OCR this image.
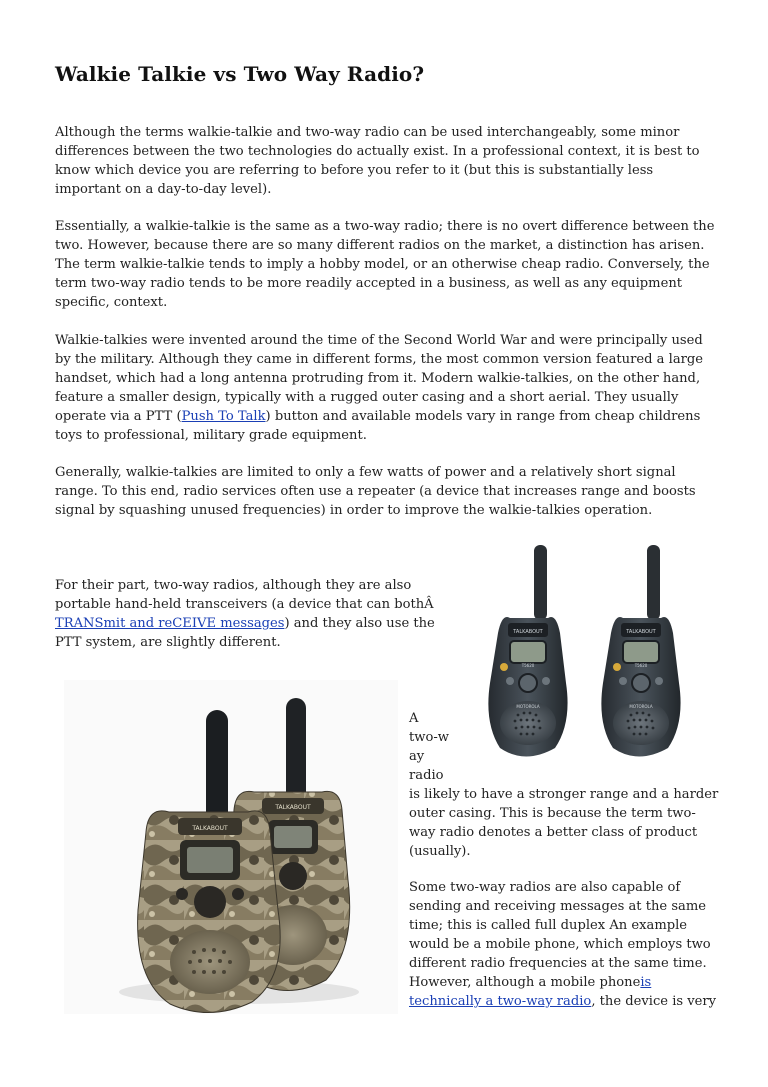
Walkie Talkie vs Two Way Radio?

Although the terms walkie-talkie and two-way radio can be used interchangeably, some minor differences between the two technologies do actually exist. In a professional context, it is best to know which device you are referring to before you refer to it (but this is substantially less important on a day-to-day level).

Essentially, a walkie-talkie is the same as a two-way radio; there is no overt difference between the two. However, because there are so many different radios on the market, a distinction has arisen. The term walkie-talkie tends to imply a hobby model, or an otherwise cheap radio. Conversely, the term two-way radio tends to be more readily accepted in a business, as well as any equipment specific, context.

Walkie-talkies were invented around the time of the Second World War and were principally used by the military. Although they came in different forms, the most common version featured a large handset, which had a long antenna protruding from it. Modern walkie-talkies, on the other hand, feature a smaller design, typically with a rugged outer casing and a short aerial. They usually operate via a PTT (Push To Talk) button and available models vary in range from cheap childrens toys to professional, military grade equipment.

Generally, walkie-talkies are limited to only a few watts of power and a relatively short signal range. To this end, radio services often use a repeater (a device that increases range and boosts signal by squashing unused frequencies) in order to improve the walkie-talkies operation.

For their part, two-way radios, although they are also portable hand-held transceivers (a device that can bothÂ TRANSmit and reCEIVE messages) and they also use the PTT system, are slightly different.

TALKABOUT
T5620
MOTOROLA
TALKABOUT
T5620
MOTOROLA
TALKABOUT
TALKABOUT

A
two-w
ay
radio

is likely to have a stronger range and a harder outer casing. This is because the term two-way radio denotes a better class of product (usually).

Some two-way radios are also capable of sending and receiving messages at the same time; this is called full duplex An example would be a mobile phone, which employs two different radio frequencies at the same time. However, although a mobile phoneis technically a two-way radio, the device is very
